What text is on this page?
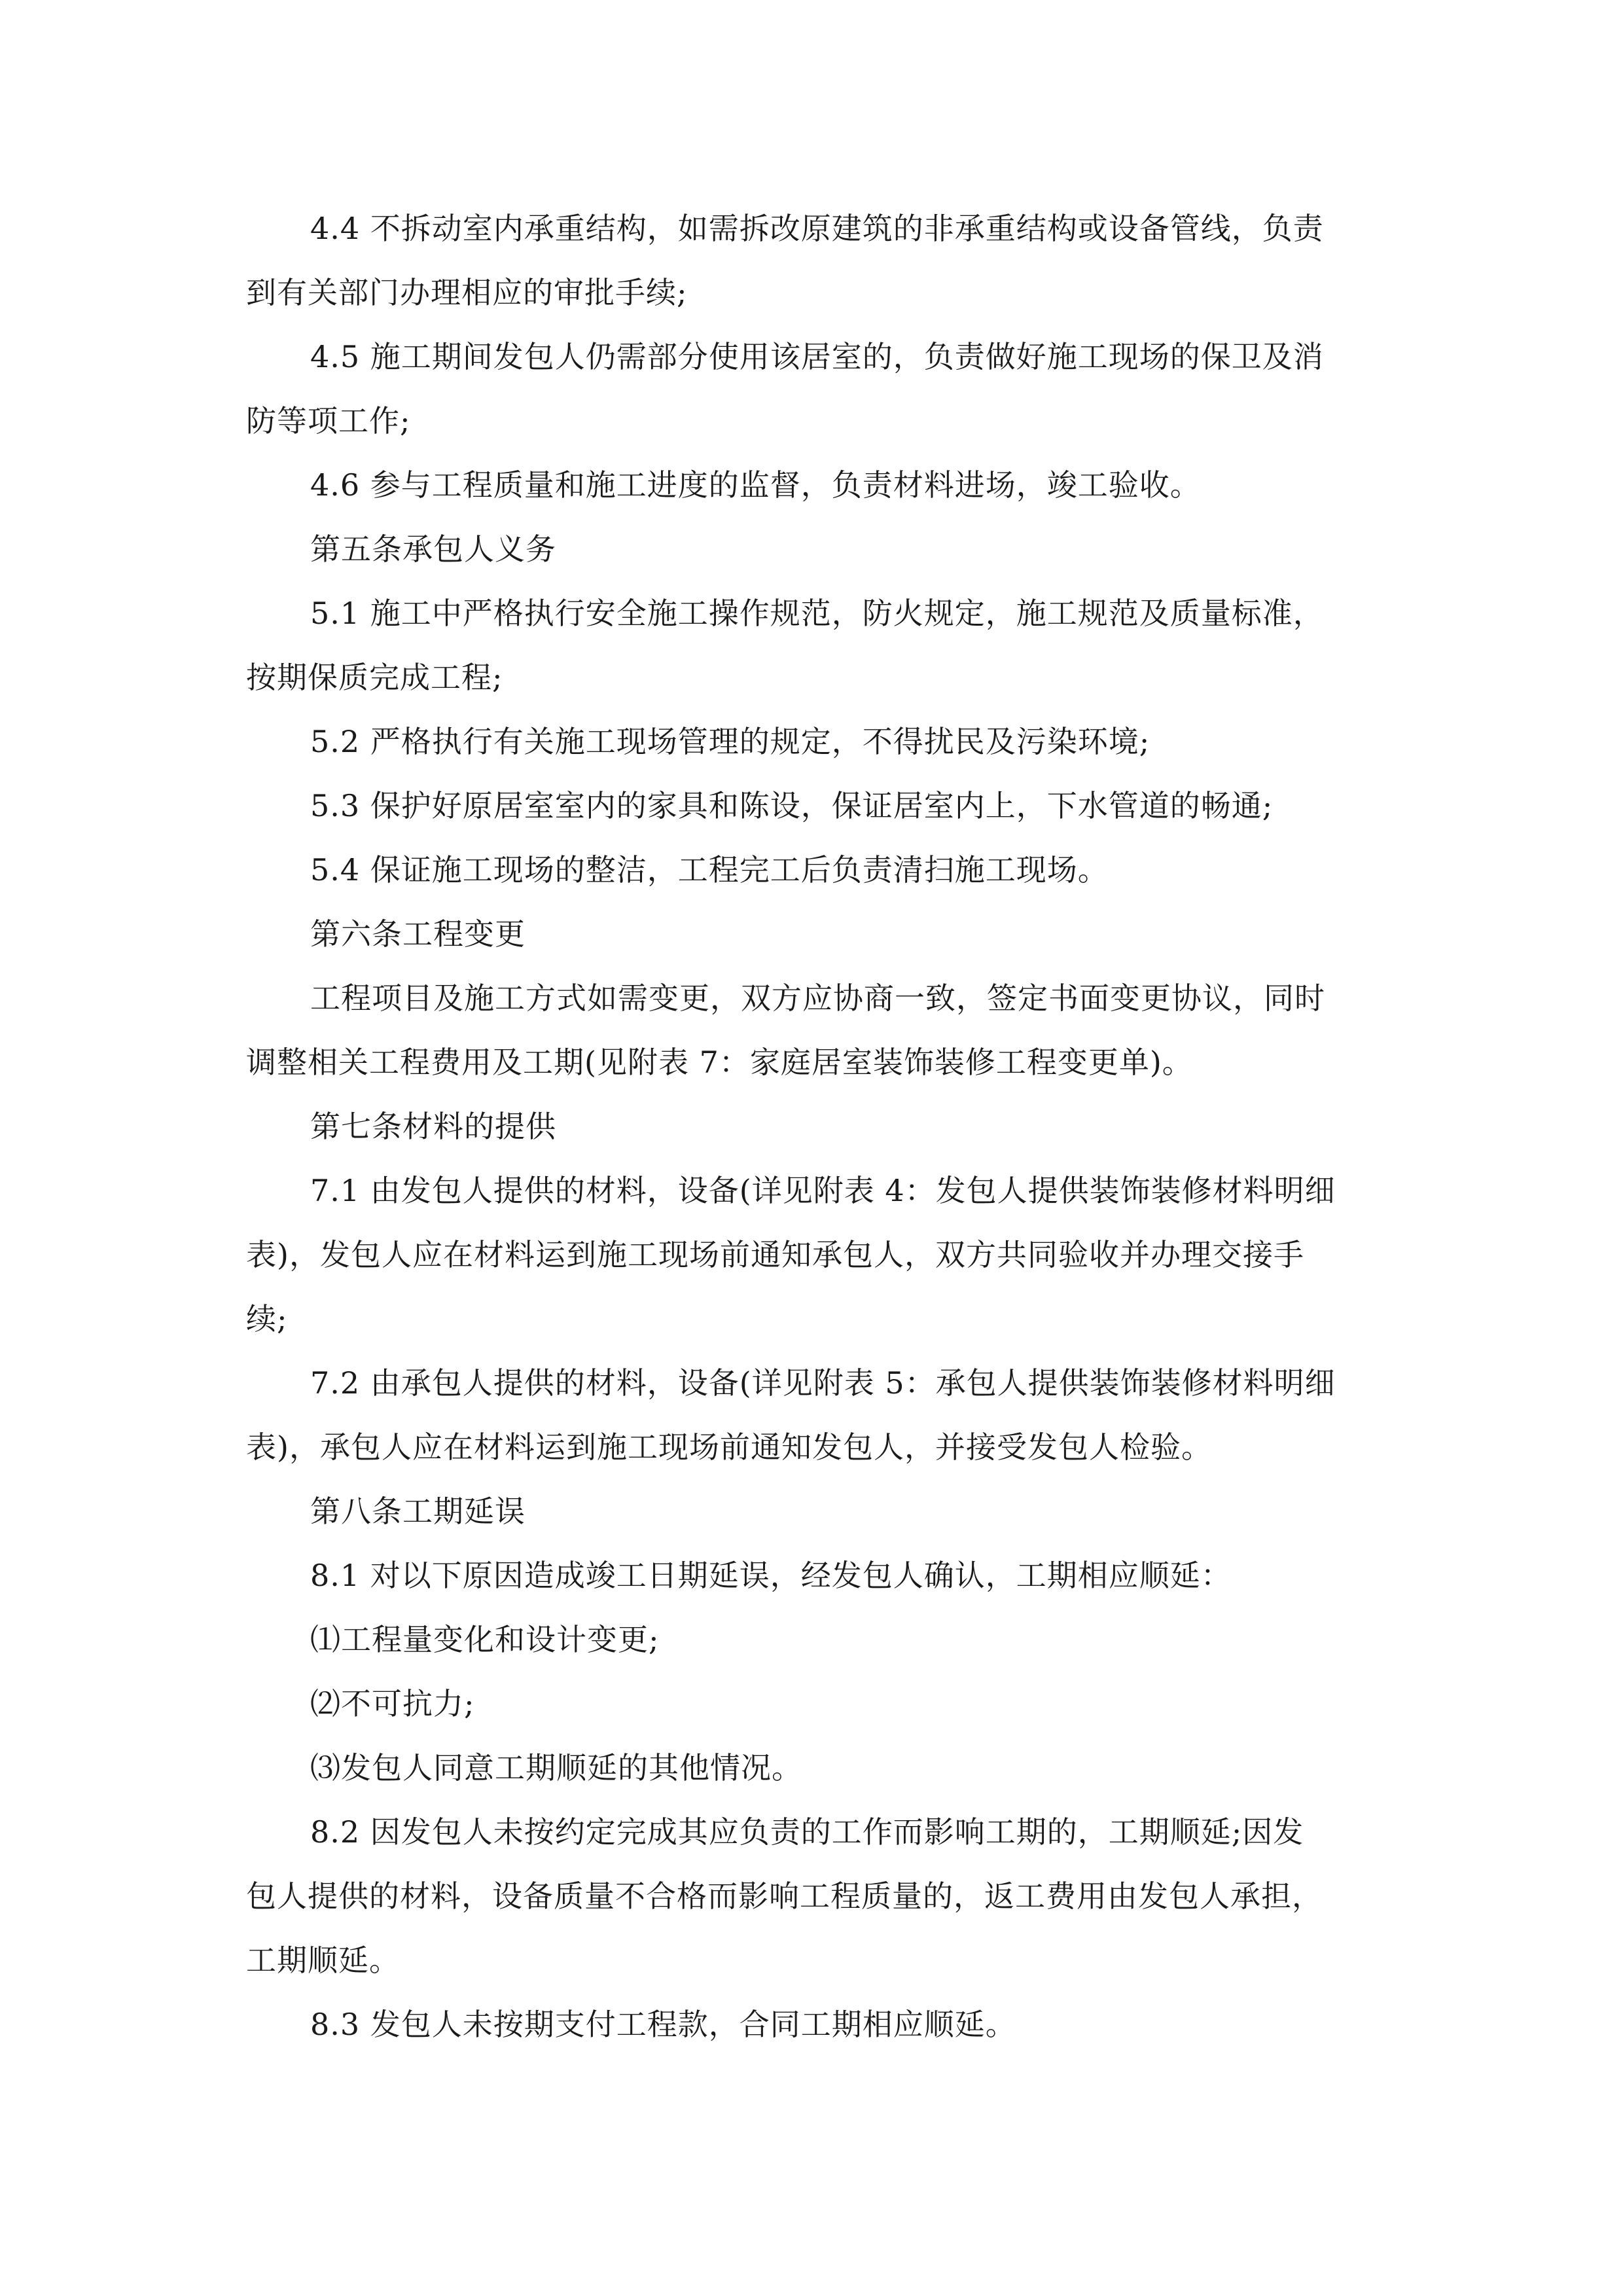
4.4 不拆动室内承重结构，如需拆改原建筑的非承重结构或设备管线，负责
到有关部门办理相应的审批手续;

4.5 施工期间发包人仍需部分使用该居室的，负责做好施工现场的保卫及消
防等项工作;

4.6 参与工程质量和施工进度的监督，负责材料进场，竣工验收。

第五条承包人义务

5.1 施工中严格执行安全施工操作规范，防火规定，施工规范及质量标准，
按期保质完成工程;

5.2 严格执行有关施工现场管理的规定，不得扰民及污染环境;

5.3 保护好原居室室内的家具和陈设，保证居室内上，下水管道的畅通;

5.4 保证施工现场的整洁，工程完工后负责清扫施工现场。

第六条工程变更

工程项目及施工方式如需变更，双方应协商一致，签定书面变更协议，同时
调整相关工程费用及工期(见附表 7：家庭居室装饰装修工程变更单)。

第七条材料的提供

7.1 由发包人提供的材料，设备(详见附表 4：发包人提供装饰装修材料明细
表)，发包人应在材料运到施工现场前通知承包人，双方共同验收并办理交接手
续;

7.2 由承包人提供的材料，设备(详见附表 5：承包人提供装饰装修材料明细
表)，承包人应在材料运到施工现场前通知发包人，并接受发包人检验。

第八条工期延误

8.1 对以下原因造成竣工日期延误，经发包人确认，工期相应顺延：

⑴工程量变化和设计变更;

⑵不可抗力;

⑶发包人同意工期顺延的其他情况。

8.2 因发包人未按约定完成其应负责的工作而影响工期的，工期顺延;因发
包人提供的材料，设备质量不合格而影响工程质量的，返工费用由发包人承担，
工期顺延。

8.3 发包人未按期支付工程款，合同工期相应顺延。
